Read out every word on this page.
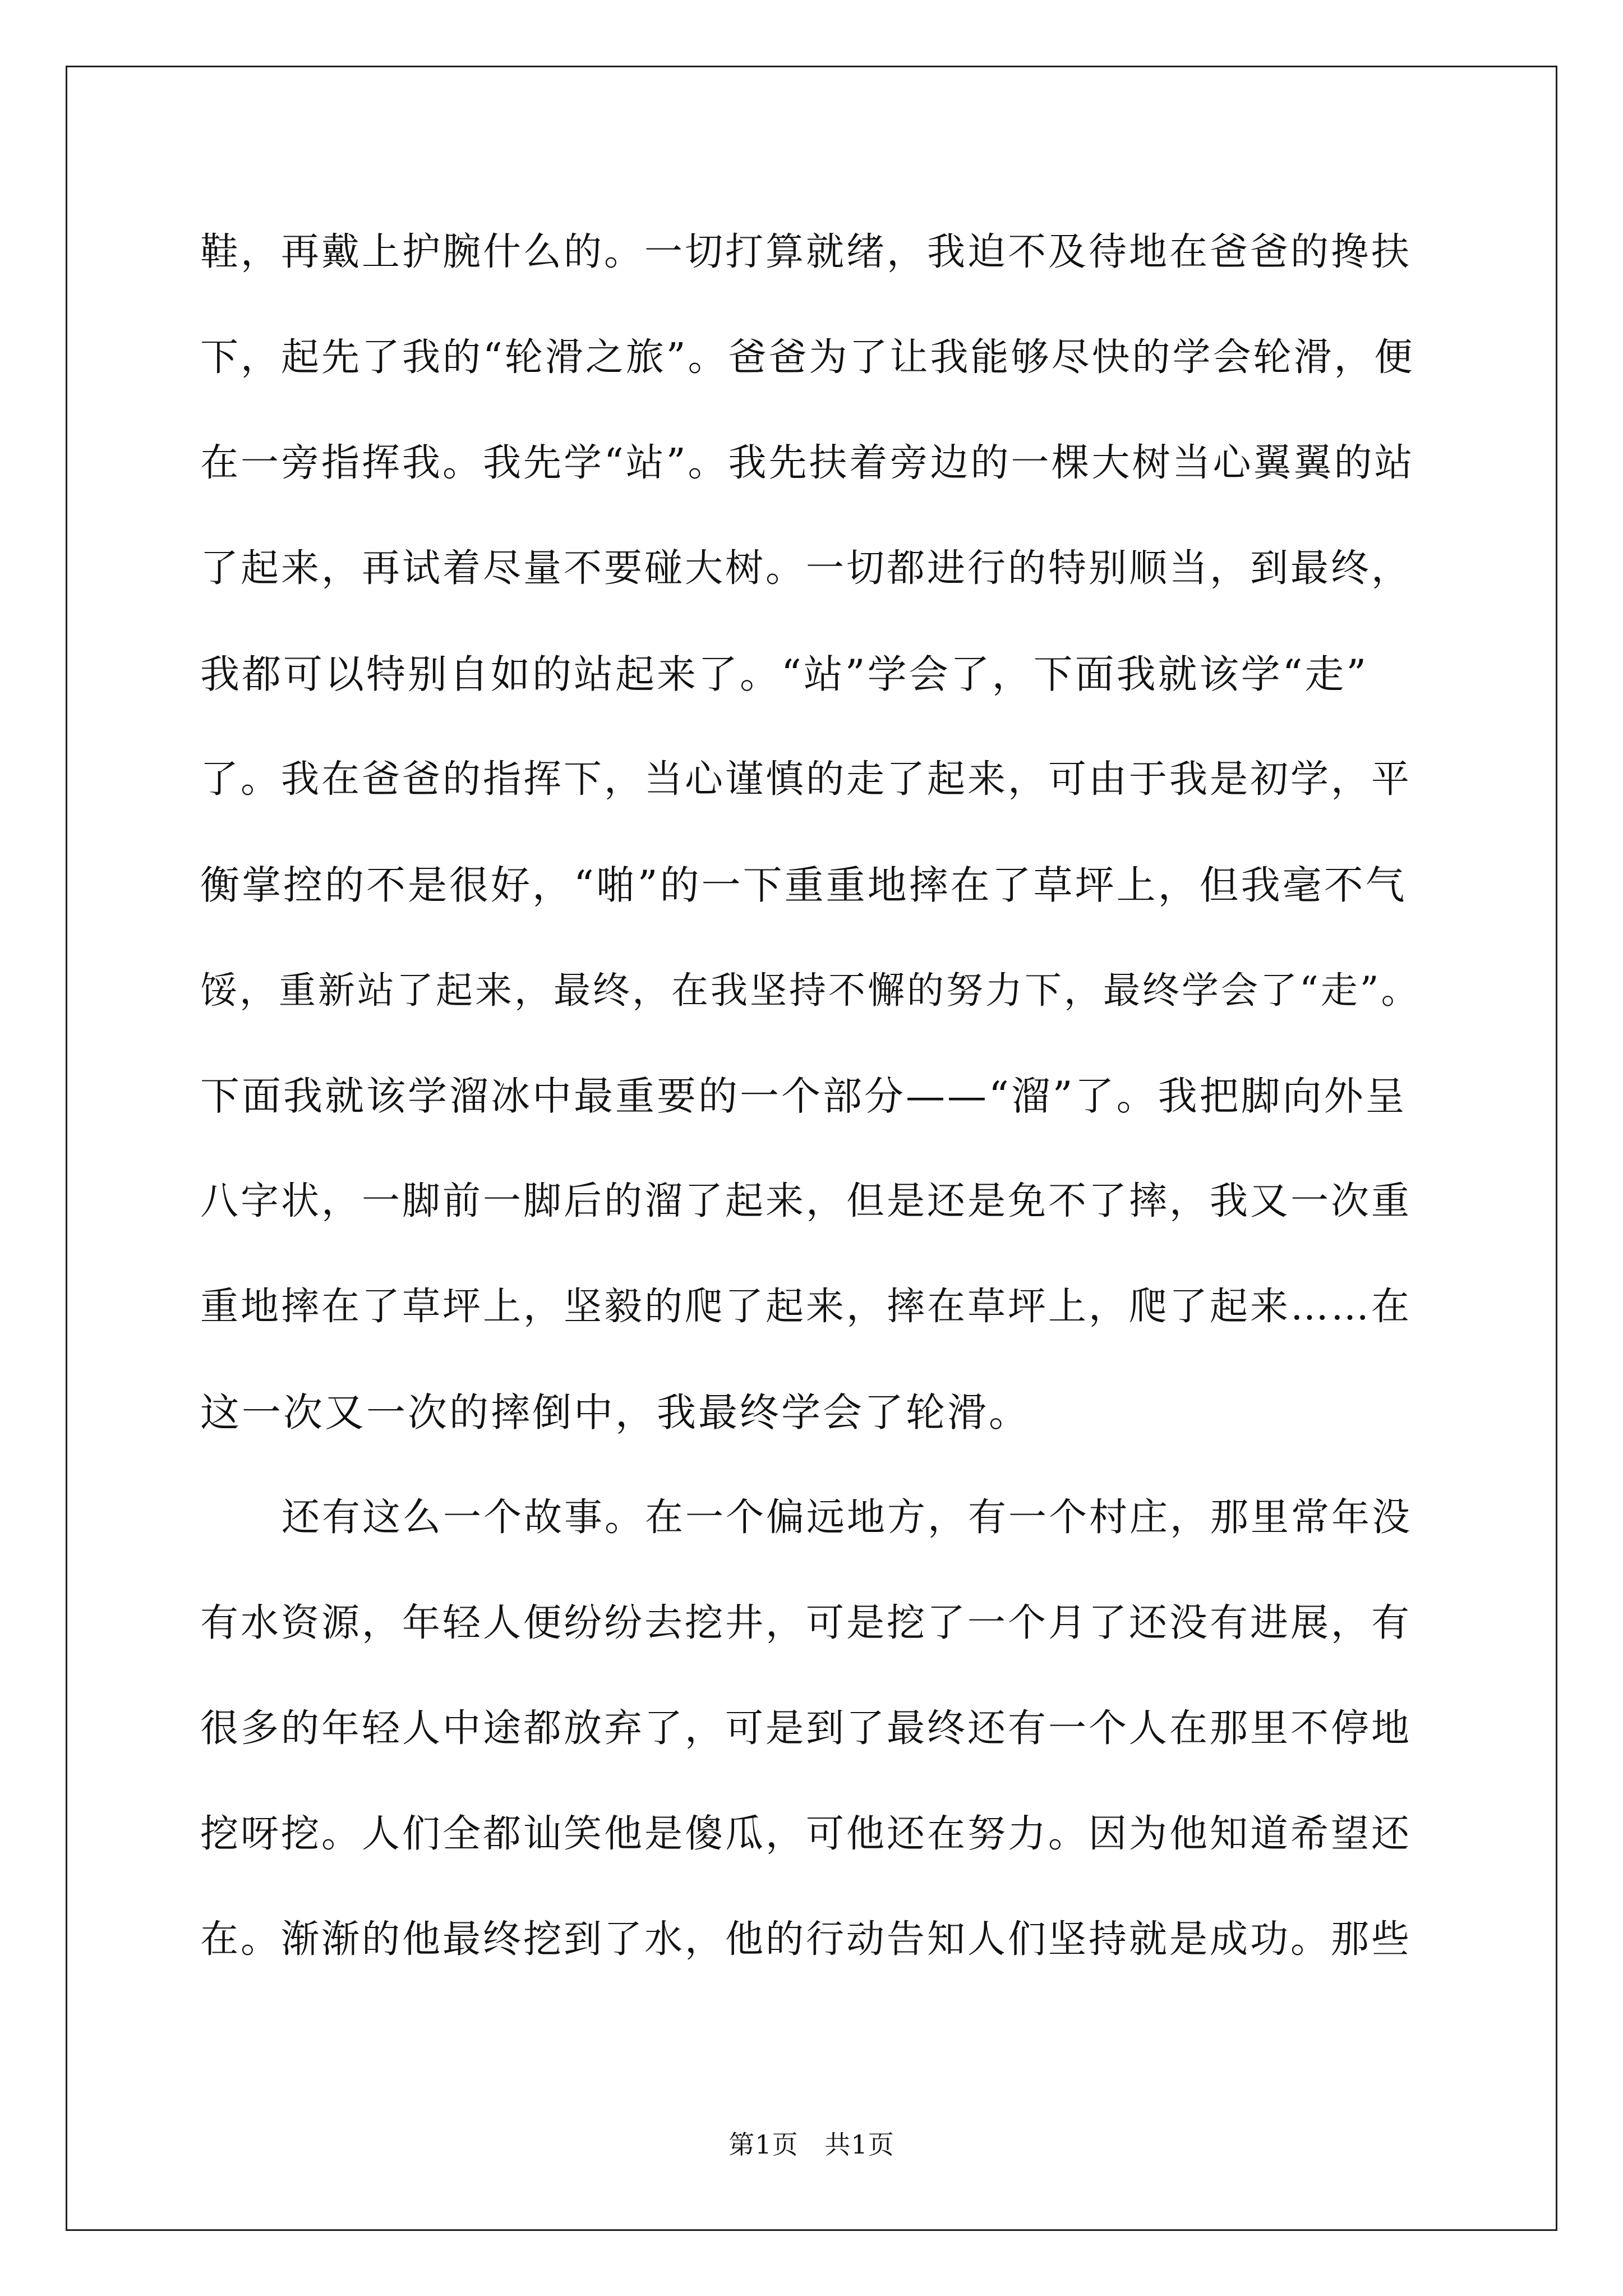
鞋，再戴上护腕什么的。一切打算就绪，我迫不及待地在爸爸的搀扶
下，起先了我的“轮滑之旅”。爸爸为了让我能够尽快的学会轮滑，便
在一旁指挥我。我先学“站”。我先扶着旁边的一棵大树当心翼翼的站
了起来，再试着尽量不要碰大树。一切都进行的特别顺当，到最终，
我都可以特别自如的站起来了。“站”学会了，下面我就该学“走”
了。我在爸爸的指挥下，当心谨慎的走了起来，可由于我是初学，平
衡掌控的不是很好，“啪”的一下重重地摔在了草坪上，但我毫不气
馁，重新站了起来，最终，在我坚持不懈的努力下，最终学会了“走”。
下面我就该学溜冰中最重要的一个部分——“溜”了。我把脚向外呈
八字状，一脚前一脚后的溜了起来，但是还是免不了摔，我又一次重
重地摔在了草坪上，坚毅的爬了起来，摔在草坪上，爬了起来……在
这一次又一次的摔倒中，我最终学会了轮滑。
还有这么一个故事。在一个偏远地方，有一个村庄，那里常年没
有水资源，年轻人便纷纷去挖井，可是挖了一个月了还没有进展，有
很多的年轻人中途都放弃了，可是到了最终还有一个人在那里不停地
挖呀挖。人们全都讪笑他是傻瓜，可他还在努力。因为他知道希望还
在。渐渐的他最终挖到了水，他的行动告知人们坚持就是成功。那些
第1页   共1页
